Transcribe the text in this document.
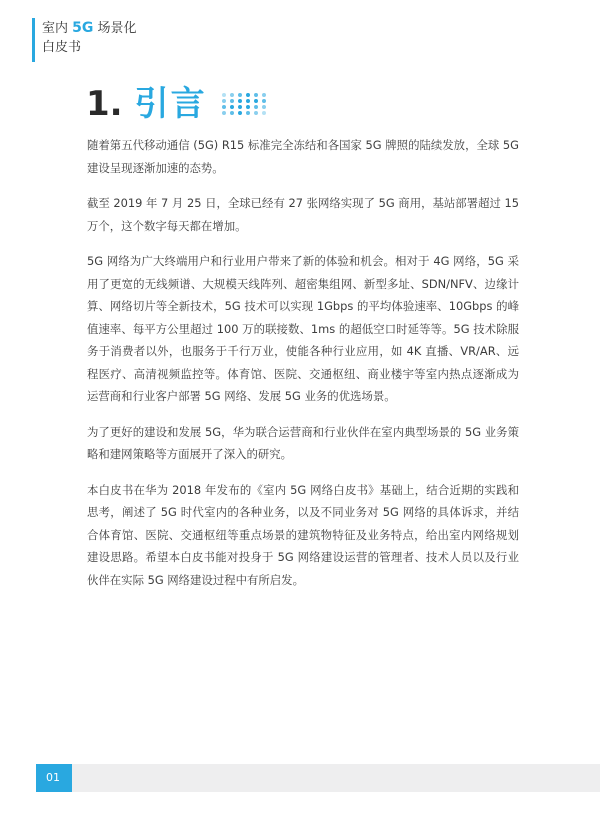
室内 5G 场景化
白皮书
1. 引言

随着第五代移动通信 (5G) R15 标准完全冻结和各国家 5G 牌照的陆续发放，全球 5G 建设呈现逐渐加速的态势。

截至 2019 年 7 月 25 日，全球已经有 27 张网络实现了 5G 商用，基站部署超过 15 万个，这个数字每天都在增加。

5G 网络为广大终端用户和行业用户带来了新的体验和机会。相对于 4G 网络，5G 采用了更宽的无线频谱、大规模天线阵列、超密集组网、新型多址、SDN/NFV、边缘计算、网络切片等全新技术，5G 技术可以实现 1Gbps 的平均体验速率、10Gbps 的峰值速率、每平方公里超过 100 万的联接数、1ms 的超低空口时延等等。5G 技术除服务于消费者以外，也服务于千行万业，使能各种行业应用，如 4K 直播、VR/AR、远程医疗、高清视频监控等。体育馆、医院、交通枢纽、商业楼宇等室内热点逐渐成为运营商和行业客户部署 5G 网络、发展 5G 业务的优选场景。

为了更好的建设和发展 5G，华为联合运营商和行业伙伴在室内典型场景的 5G 业务策略和建网策略等方面展开了深入的研究。

本白皮书在华为 2018 年发布的《室内 5G 网络白皮书》基础上，结合近期的实践和思考，阐述了 5G 时代室内的各种业务，以及不同业务对 5G 网络的具体诉求，并结合体育馆、医院、交通枢纽等重点场景的建筑物特征及业务特点，给出室内网络规划建设思路。希望本白皮书能对投身于 5G 网络建设运营的管理者、技术人员以及行业伙伴在实际 5G 网络建设过程中有所启发。

01
